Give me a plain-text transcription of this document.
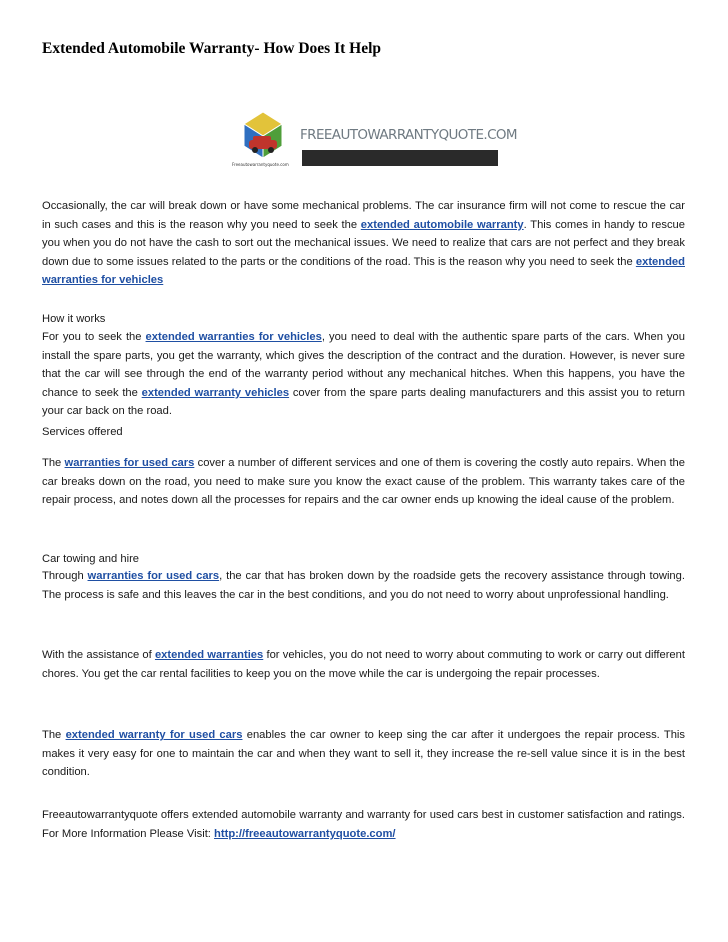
Extended Automobile Warranty- How Does It Help
FREEAUTOWARRANTYQUOTE.COM
Freeautowarrantyquote.com

Occasionally, the car will break down or have some mechanical problems. The car insurance firm will not come to rescue the car in such cases and this is the reason why you need to seek the extended automobile warranty. This comes in handy to rescue you when you do not have the cash to sort out the mechanical issues. We need to realize that cars are not perfect and they break down due to some issues related to the parts or the conditions of the road. This is the reason why you need to seek the extended warranties for vehicles

How it works

For you to seek the extended warranties for vehicles, you need to deal with the authentic spare parts of the cars. When you install the spare parts, you get the warranty, which gives the description of the contract and the duration. However, is never sure that the car will see through the end of the warranty period without any mechanical hitches. When this happens, you have the chance to seek the extended warranty vehicles cover from the spare parts dealing manufacturers and this assist you to return your car back on the road.

Services offered

The warranties for used cars cover a number of different services and one of them is covering the costly auto repairs. When the car breaks down on the road, you need to make sure you know the exact cause of the problem. This warranty takes care of the repair process, and notes down all the processes for repairs and the car owner ends up knowing the ideal cause of the problem.

Car towing and hire

Through warranties for used cars, the car that has broken down by the roadside gets the recovery assistance through towing. The process is safe and this leaves the car in the best conditions, and you do not need to worry about unprofessional handling.

With the assistance of extended warranties for vehicles, you do not need to worry about commuting to work or carry out different chores. You get the car rental facilities to keep you on the move while the car is undergoing the repair processes.

The extended warranty for used cars enables the car owner to keep sing the car after it undergoes the repair process. This makes it very easy for one to maintain the car and when they want to sell it, they increase the re-sell value since it is in the best condition.

Freeautowarrantyquote offers extended automobile warranty and warranty for used cars best in customer satisfaction and ratings. For More Information Please Visit: http://freeautowarrantyquote.com/
